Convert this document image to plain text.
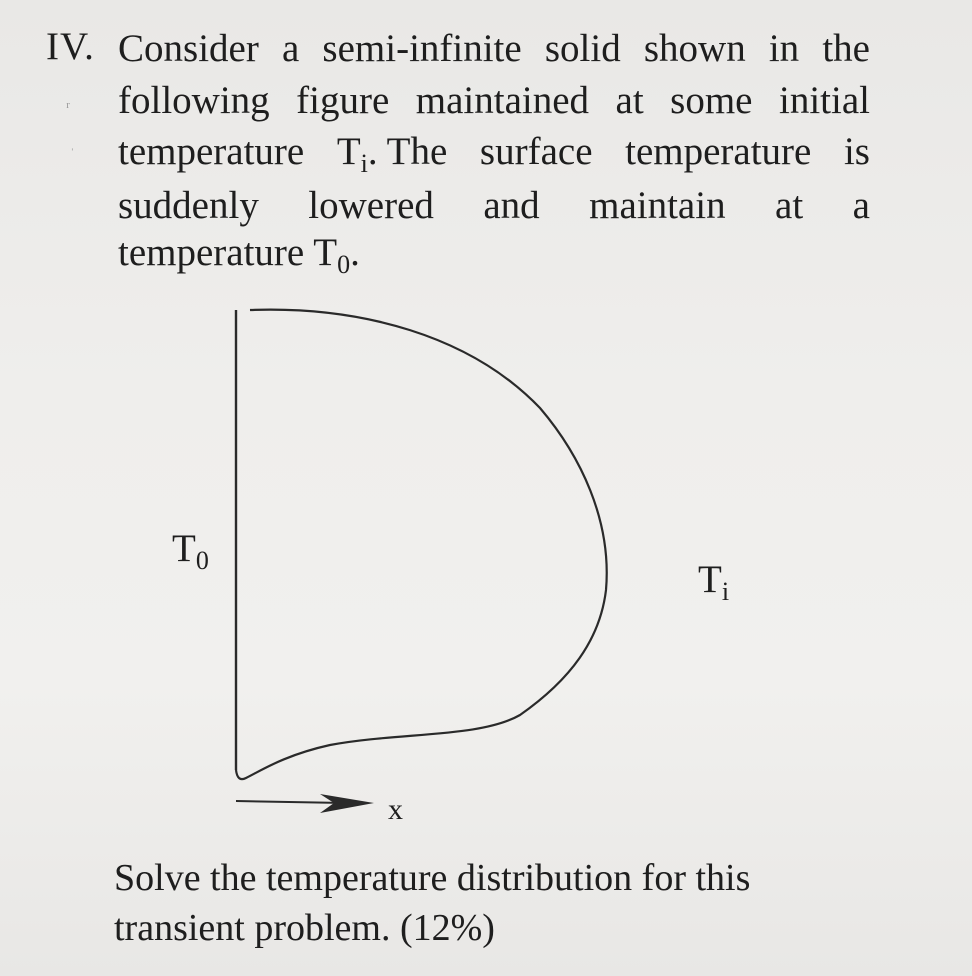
IV.
ʳ
ˈ
Consider a semi-infinite solid shown in the
following figure maintained at some initial
temperature $T_i$. The surface temperature is
suddenly lowered and maintain at a
temperature $T_0$.
$T_0$	$T_i$
x
Solve the temperature distribution for this
transient problem. (12%)
